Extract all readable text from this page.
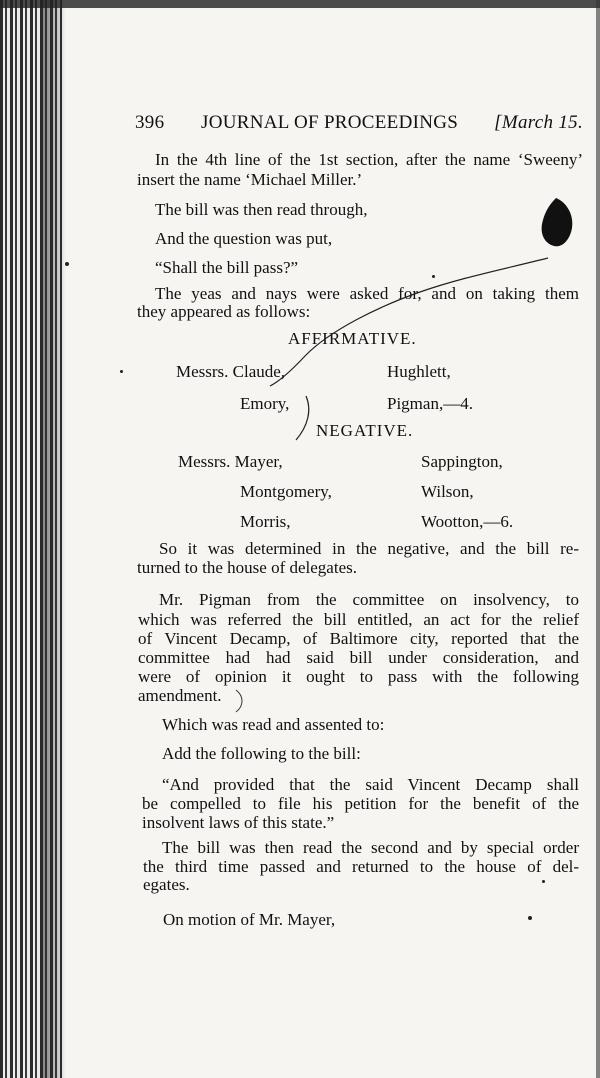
396 JOURNAL OF PROCEEDINGS [March 15.
In the 4th line of the 1st section, after the name ‘Sweeny’
insert the name ‘Michael Miller.’
The bill was then read through,
And the question was put,
“Shall the bill pass?”
The yeas and nays were asked for, and on taking them
they appeared as follows:
AFFIRMATIVE.
Messrs. Claude,	Hughlett,
Emory,	Pigman,—4.
NEGATIVE.
Messrs. Mayer,	Sappington,
Montgomery,	Wilson,
Morris,	Wootton,—6.
So it was determined in the negative, and the bill re-
turned to the house of delegates.
Mr. Pigman from the committee on insolvency, to
which was referred the bill entitled, an act for the relief
of Vincent Decamp, of Baltimore city, reported that the
committee had had said bill under consideration, and
were of opinion it ought to pass with the following
amendment.
Which was read and assented to:
Add the following to the bill:
“And provided that the said Vincent Decamp shall
be compelled to file his petition for the benefit of the
insolvent laws of this state.”
The bill was then read the second and by special order
the third time passed and returned to the house of del-
egates.
On motion of Mr. Mayer,
